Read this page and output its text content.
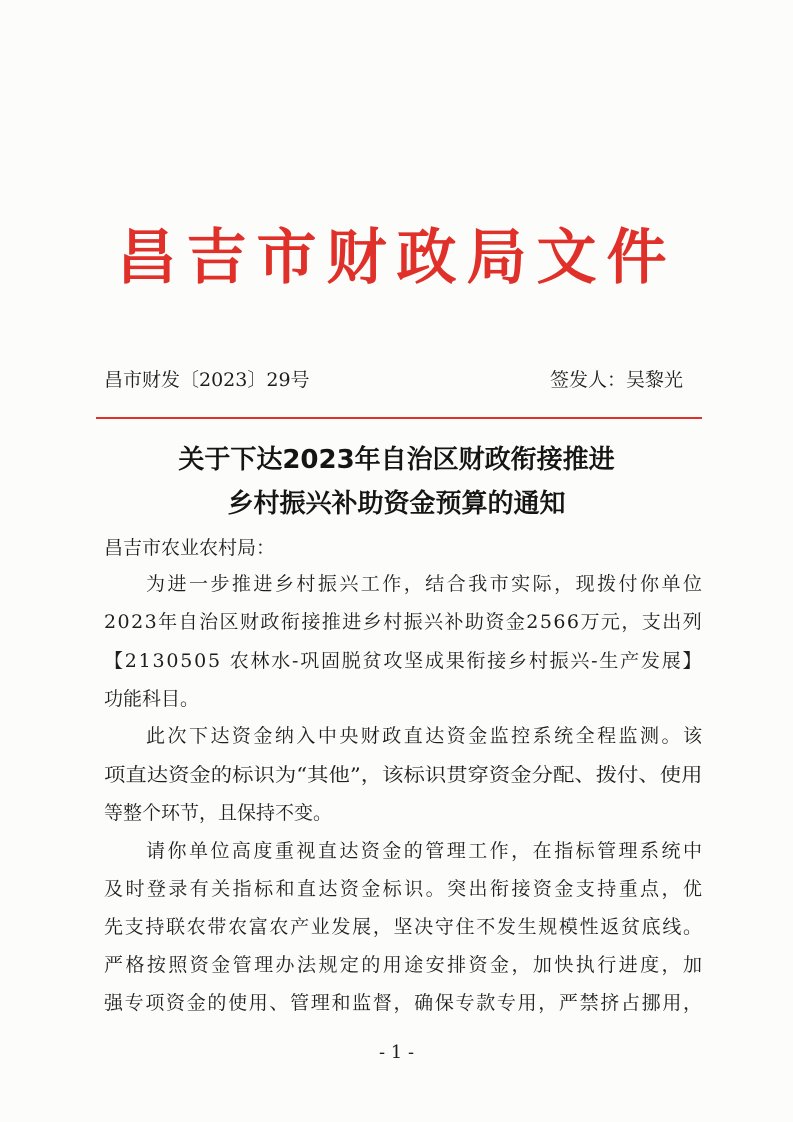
昌吉市财政局文件
昌市财发〔2023〕29号	签发人：吴黎光
关于下达2023年自治区财政衔接推进
乡村振兴补助资金预算的通知
昌吉市农业农村局：
为进一步推进乡村振兴工作，结合我市实际，现拨付你单位
2023年自治区财政衔接推进乡村振兴补助资金2566万元，支出列
【2130505 农林水-巩固脱贫攻坚成果衔接乡村振兴-生产发展】
功能科目。
此次下达资金纳入中央财政直达资金监控系统全程监测。该
项直达资金的标识为“其他”，该标识贯穿资金分配、拨付、使用
等整个环节，且保持不变。
请你单位高度重视直达资金的管理工作，在指标管理系统中
及时登录有关指标和直达资金标识。突出衔接资金支持重点，优
先支持联农带农富农产业发展，坚决守住不发生规模性返贫底线。
严格按照资金管理办法规定的用途安排资金，加快执行进度，加
强专项资金的使用、管理和监督，确保专款专用，严禁挤占挪用，
- 1 -
